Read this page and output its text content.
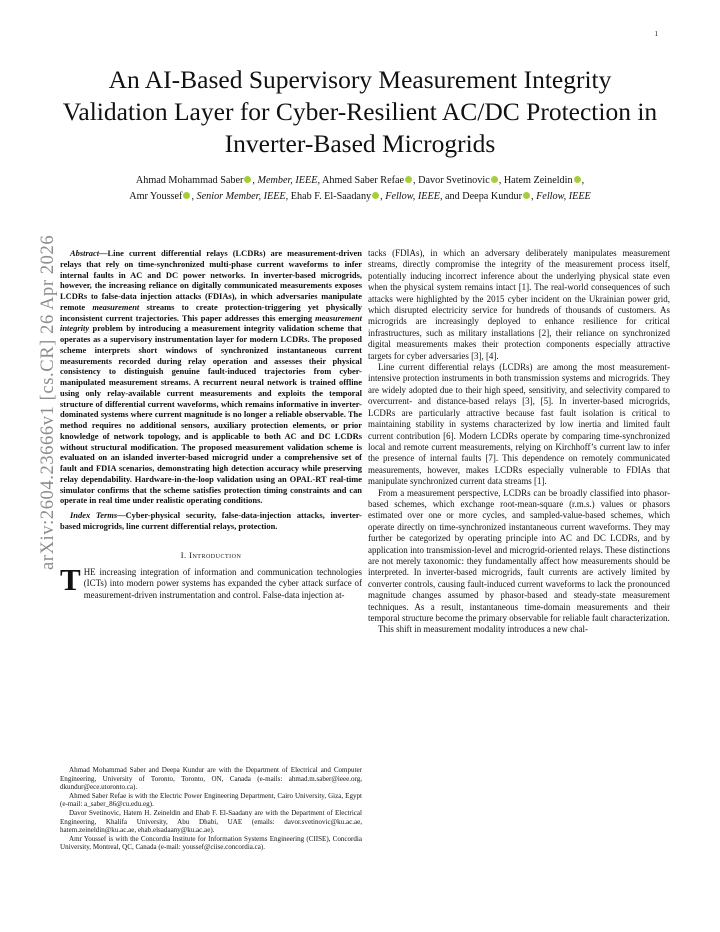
1
arXiv:2604.23666v1 [cs.CR] 26 Apr 2026
An AI-Based Supervisory Measurement Integrity Validation Layer for Cyber-Resilient AC/DC Protection in Inverter-Based Microgrids
Ahmad Mohammad Saber , Member, IEEE, Ahmed Saber Refae , Davor Svetinovic , Hatem Zeineldin ,
Amr Youssef , Senior Member, IEEE, Ehab F. El-Saadany , Fellow, IEEE, and Deepa Kundur , Fellow, IEEE

Abstract—Line current differential relays (LCDRs) are measurement-driven relays that rely on time-synchronized multi-phase current waveforms to infer internal faults in AC and DC power networks. In inverter-based microgrids, however, the increasing reliance on digitally communicated measurements exposes LCDRs to false-data injection attacks (FDIAs), in which adversaries manipulate remote measurement streams to create protection-triggering yet physically inconsistent current trajectories. This paper addresses this emerging measurement integrity problem by introducing a measurement integrity validation scheme that operates as a supervisory instrumentation layer for modern LCDRs. The proposed scheme interprets short windows of synchronized instantaneous current measurements recorded during relay operation and assesses their physical consistency to distinguish genuine fault-induced trajectories from cyber-manipulated measurement streams. A recurrent neural network is trained offline using only relay-available current measurements and exploits the temporal structure of differential current waveforms, which remains informative in inverter-dominated systems where current magnitude is no longer a reliable observable. The method requires no additional sensors, auxiliary protection elements, or prior knowledge of network topology, and is applicable to both AC and DC LCDRs without structural modification. The proposed measurement validation scheme is evaluated on an islanded inverter-based microgrid under a comprehensive set of fault and FDIA scenarios, demonstrating high detection accuracy while preserving relay dependability. Hardware-in-the-loop validation using an OPAL-RT real-time simulator confirms that the scheme satisfies protection timing constraints and can operate in real time under realistic operating conditions.

Index Terms—Cyber-physical security, false-data-injection attacks, inverter-based microgrids, line current differential relays, protection.

I. Introduction

THE increasing integration of information and communication technologies (ICTs) into modern power systems has expanded the cyber attack surface of measurement-driven instrumentation and control. False-data injection at-

Ahmad Mohammad Saber and Deepa Kundur are with the Department of Electrical and Computer Engineering, University of Toronto, Toronto, ON, Canada (e-mails: ahmad.m.saber@ieee.org, dkundur@ece.utoronto.ca).

Ahmed Saber Refae is with the Electric Power Engineering Department, Cairo University, Giza, Egypt (e-mail: a_saber_86@cu.edu.eg).

Davor Svetinovic, Hatem H. Zeineldin and Ehab F. El-Saadany are with the Department of Electrical Engineering, Khalifa University, Abu Dhabi, UAE (emails: davor.svetinovic@ku.ac.ae, hatem.zeineldin@ku.ac.ae, ehab.elsadaany@ku.ac.ae).

Amr Youssef is with the Concordia Institute for Information Systems Engineering (CIISE), Concordia University, Montreal, QC, Canada (e-mail: youssef@ciise.concordia.ca).

tacks (FDIAs), in which an adversary deliberately manipulates measurement streams, directly compromise the integrity of the measurement process itself, potentially inducing incorrect inference about the underlying physical state even when the physical system remains intact [1]. The real-world consequences of such attacks were highlighted by the 2015 cyber incident on the Ukrainian power grid, which disrupted electricity service for hundreds of thousands of customers. As microgrids are increasingly deployed to enhance resilience for critical infrastructures, such as military installations [2], their reliance on synchronized digital measurements makes their protection components especially attractive targets for cyber adversaries [3], [4].

Line current differential relays (LCDRs) are among the most measurement-intensive protection instruments in both transmission systems and microgrids. They are widely adopted due to their high speed, sensitivity, and selectivity compared to overcurrent- and distance-based relays [3], [5]. In inverter-based microgrids, LCDRs are particularly attractive because fast fault isolation is critical to maintaining stability in systems characterized by low inertia and limited fault current contribution [6]. Modern LCDRs operate by comparing time-synchronized local and remote current measurements, relying on Kirchhoff’s current law to infer the presence of internal faults [7]. This dependence on remotely communicated measurements, however, makes LCDRs especially vulnerable to FDIAs that manipulate synchronized current data streams [1].

From a measurement perspective, LCDRs can be broadly classified into phasor-based schemes, which exchange root-mean-square (r.m.s.) values or phasors estimated over one or more cycles, and sampled-value-based schemes, which operate directly on time-synchronized instantaneous current waveforms. They may further be categorized by operating principle into AC and DC LCDRs, and by application into transmission-level and microgrid-oriented relays. These distinctions are not merely taxonomic: they fundamentally affect how measurements should be interpreted. In inverter-based microgrids, fault currents are actively limited by converter controls, causing fault-induced current waveforms to lack the pronounced magnitude changes assumed by phasor-based and steady-state measurement techniques. As a result, instantaneous time-domain measurements and their temporal structure become the primary observable for reliable fault characterization.

This shift in measurement modality introduces a new chal-
